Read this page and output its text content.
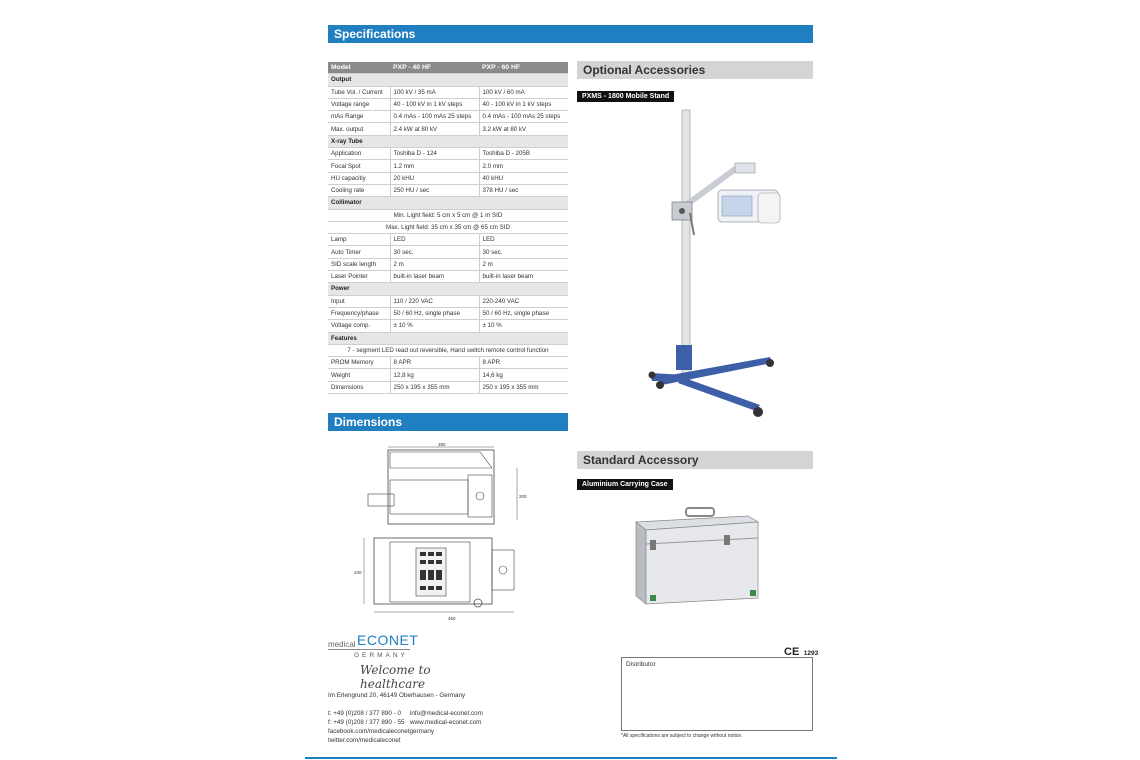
Specifications
Optional Accessories
Dimensions
Standard Accessory
PXMS - 1800 Mobile Stand
Aluminium Carrying Case
Model	PXP - 40 HF	PXP - 60 HF
Output		
Tube Vol. / Current	100 kV / 35 mA	100 kV / 60 mA
Voltage range	40 - 100 kV in 1 kV steps	40 - 100 kV in 1 kV steps
mAs Range	0.4 mAs - 100 mAs 25 steps	0.4 mAs - 100 mAs 25 steps
Max. output	2.4 kW at 80 kV	3.2 kW at 80 kV
X-ray Tube		
Application	Toshiba D - 124	Toshiba D - 205B
Focal Spot	1.2 mm	2.0 mm
HU capacitiy	20 kHU	40 kHU
Cooling rate	250 HU / sec	378 HU / sec
Collimator		
Min. Light field: 5 cm x 5 cm @ 1 m SID		
Max. Light field: 35 cm x 35 cm @ 65 cm SID		
Lamp	LED	LED
Auto Timer	30 sec.	30 sec.
SID scale length	2 m	2 m
Laser Pointer	built-in laser beam	built-in laser beam
Power		
Input	110 / 220 VAC	220-240 VAC
Frequency/phase	50 / 60 Hz, single phase	50 / 60 Hz, single phase
Voltage comp.	± 10 %	± 10 %
Features		
7 - segment LED read out reversible, Hand switch remote control function		
PROM Memory	8 APR	8 APR
Weight	12,8 kg	14,6 kg
Dimensions	250 x 195 x 355 mm	250 x 195 x 355 mm
390
200
230
460
medical ECONET
GERMANY
Welcome to healthcare
Im Erlengrund 20, 46149 Oberhausen - Germany
t: +49 (0)208 / 377 890 - 0 info@medical-econet.com
f: +49 (0)208 / 377 890 - 55 www.medical-econet.com
facebook.com/medicaleconetgermany
twitter.com/medicaleconet
CE 1293
Distributor
*All specifications are subject to change without notice.
